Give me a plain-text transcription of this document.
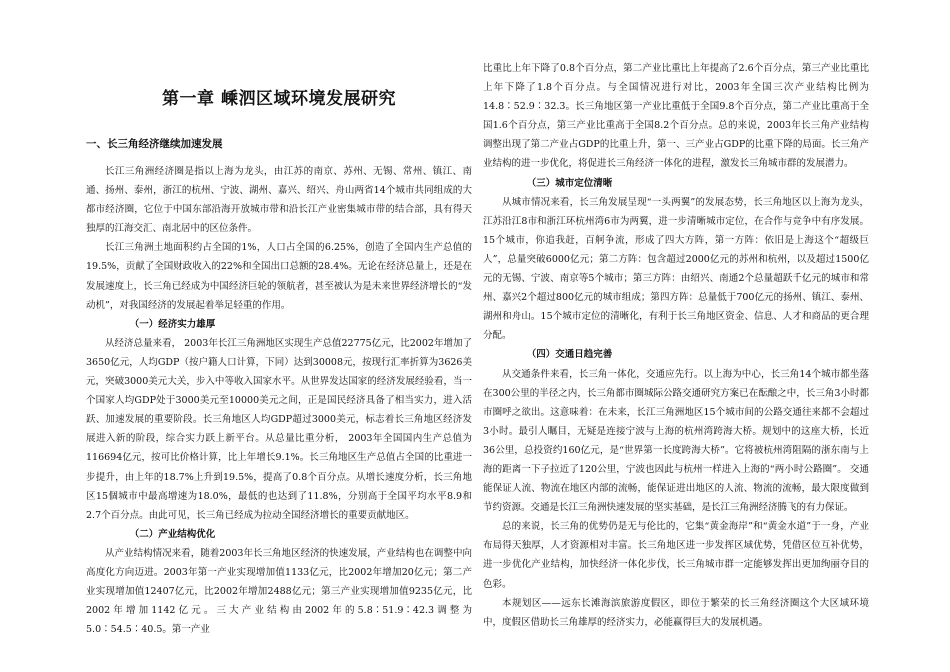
第一章 嵊泗区域环境发展研究
一、长三角经济继续加速发展

长江三角洲经济圈是指以上海为龙头，由江苏的南京、苏州、无锡、常州、镇江、南通、扬州、泰州，浙江的杭州、宁波、湖州、嘉兴、绍兴、舟山两省14个城市共同组成的大都市经济圈，它位于中国东部沿海开放城市带和沿长江产业密集城市带的结合部，具有得天独厚的江海交汇、南北居中的区位条件。

长江三角洲土地面积约占全国的1%，人口占全国的6.25%，创造了全国内生产总值的19.5%，贡献了全国财政收入的22%和全国出口总额的28.4%。无论在经济总量上，还是在发展速度上，长三角已经成为中国经济巨轮的领航者，甚至被认为是未来世界经济增长的“发动机”，对我国经济的发展起着举足轻重的作用。

（一）经济实力雄厚

从经济总量来看， 2003年长江三角洲地区实现生产总值22775亿元，比2002年增加了3650亿元，人均GDP（按户籍人口计算，下同）达到30008元，按现行汇率折算为3626美元，突破3000美元大关，步入中等收入国家水平。从世界发达国家的经济发展经验看，当一个国家人均GDP处于3000美元至10000美元之间，正是国民经济具备了相当实力，进入活跃、加速发展的重要阶段。长三角地区人均GDP超过3000美元，标志着长三角地区经济发展进入新的阶段，综合实力跃上新平台。从总量比重分析， 2003年全国国内生产总值为116694亿元，按可比价格计算，比上年增长9.1%。长三角地区生产总值占全国的比重进一步提升，由上年的18.7%上升到19.5%，提高了0.8个百分点。从增长速度分析，长三角地区15個城市中最高增速为18.0%，最低的也达到了11.8%，分别高于全国平均水平8.9和2.7个百分点。由此可见，长三角已经成为拉动全国经济增长的重要贡献地区。

（二）产业结构优化

从产业结构情况来看，随着2003年长三角地区经济的快速发展，产业结构也在调整中向高度化方向迈进。2003年第一产业实现增加值1133亿元，比2002年增加20亿元；第二产业实现增加值12407亿元，比2002年增加2488亿元；第三产业实现增加值9235亿元，比2002年增加1142亿元。三大产业结构由2002年的5.8∶51.9∶42.3调整为5.0∶54.5∶40.5。第一产业

比重比上年下降了0.8个百分点，第二产业比重比上年提高了2.6个百分点，第三产业比重比上年下降了1.8个百分点。与全国情况进行对比，2003年全国三次产业结构比例为14.8∶52.9∶32.3。长三角地区第一产业比重低于全国9.8个百分点，第二产业比重高于全国1.6个百分点，第三产业比重高于全国8.2个百分点。总的来说，2003年长三角产业结构调整出现了第二产业占GDP的比重上升，第一、三产业占GDP的比重下降的局面。长三角产业结构的进一步优化，将促进长三角经济一体化的进程，激发长三角城市群的发展潜力。

（三）城市定位清晰

从城市情况来看，长三角发展呈现“一头两翼”的发展态势，长三角地区以上海为龙头，江苏沿江8市和浙江环杭州湾6市为两翼，进一步清晰城市定位，在合作与竞争中有序发展。15个城市，你追我赶，百舸争流，形成了四大方阵，第一方阵：依旧是上海这个“超级巨人”，总量突破6000亿元；第二方阵：包含超过2000亿元的苏州和杭州，以及超过1500亿元的无锡、宁波、南京等5个城市；第三方阵：由绍兴、南通2个总量超跃千亿元的城市和常州、嘉兴2个超过800亿元的城市组成；第四方阵：总量低于700亿元的扬州、镇江、泰州、湖州和舟山。15个城市定位的清晰化，有利于长三角地区资金、信息、人才和商品的更合理分配。

（四）交通日趋完善

从交通条件来看，长三角一体化，交通应先行。以上海为中心，长三角14个城市都坐落在300公里的半径之内，长三角都市圈城际公路交通研究方案已在酝酿之中，长三角3小时都市圈呼之欲出。这意味着：在未来，长江三角洲地区15个城市间的公路交通往来都不会超过3小时。最引人瞩目，无疑是连接宁波与上海的杭州湾跨海大桥。规划中的这座大桥，长近36公里，总投资约160亿元，是“世界第一长度跨海大桥”。它将被杭州湾阻隔的浙东南与上海的距离一下子拉近了120公里，宁波也因此与杭州一样进入上海的“两小时公路圈”。 交通能保证人流、物流在地区内部的流畅，能保证进出地区的人流、物流的流畅，最大限度做到节约资源。交通是长江三角洲快速发展的坚实基础，是长江三角洲经济腾飞的有力保证。

总的来说，长三角的优势仍是无与伦比的，它集“黄金海岸”和“黄金水道”于一身，产业布局得天独厚，人才资源相对丰富。长三角地区进一步发挥区域优势，凭借区位互补优势，进一步优化产业结构，加快经济一体化步伐，长三角城市群一定能够发挥出更加绚丽夺目的色彩。

本规划区——远东长滩海滨旅游度假区，即位于繁荣的长三角经济圈这个大区域环境中，度假区借助长三角雄厚的经济实力，必能赢得巨大的发展机遇。
